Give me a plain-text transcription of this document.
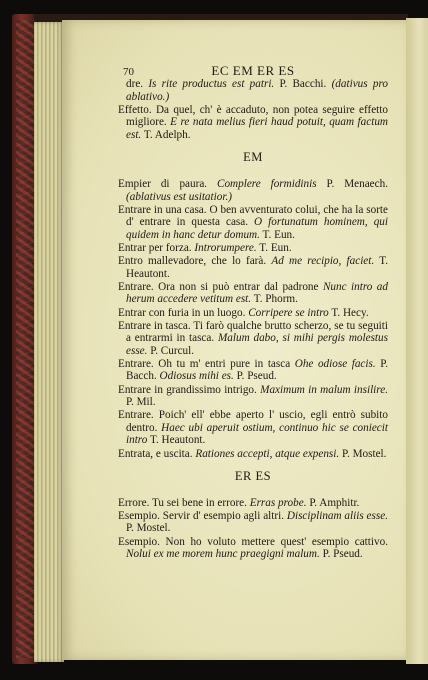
70	EC EM ER ES

dre. Is rite productus est patri. P. Bacchi. (dativus pro ablativo.)

Effetto. Da quel, ch' è accaduto, non potea seguire effetto migliore. E re nata melius fieri haud potuit, quam factum est. T. Adelph.

EM

Empier di paura. Complere formidinis P. Menaech. (ablativus est usitatior.)

Entrare in una casa. O ben avventurato colui, che ha la sorte d' entrare in questa casa. O fortunatum hominem, qui quidem in hanc detur domum. T. Eun.

Entrar per forza. Introrumpere. T. Eun.

Entro mallevadore, che lo farà. Ad me recipio, faciet. T. Heautont.

Entrare. Ora non si può entrar dal padrone Nunc intro ad herum accedere vetitum est. T. Phorm.

Entrar con furia in un luogo. Corripere se intro T. Hecy.

Entrare in tasca. Ti farò qualche brutto scherzo, se tu seguiti a entrarmi in tasca. Malum dabo, si mihi pergis molestus esse. P. Curcul.

Entrare. Oh tu m' entri pure in tasca Ohe odiose facis. P. Bacch. Odiosus mihi es. P. Pseud.

Entrare in grandissimo intrigo. Maximum in malum insilire. P. Mil.

Entrare. Poich' ell' ebbe aperto l' uscio, egli entrò subito dentro. Haec ubi aperuit ostium, continuo hic se coniecit intro T. Heautont.

Entrata, e uscita. Rationes accepti, atque expensi. P. Mostel.

ER ES

Errore. Tu sei bene in errore. Erras probe. P. Amphitr.

Esempio. Servir d' esempio agli altri. Disciplinam aliis esse. P. Mostel.

Esempio. Non ho voluto mettere quest' esempio cattivo. Nolui ex me morem hunc praegigni malum. P. Pseud.
